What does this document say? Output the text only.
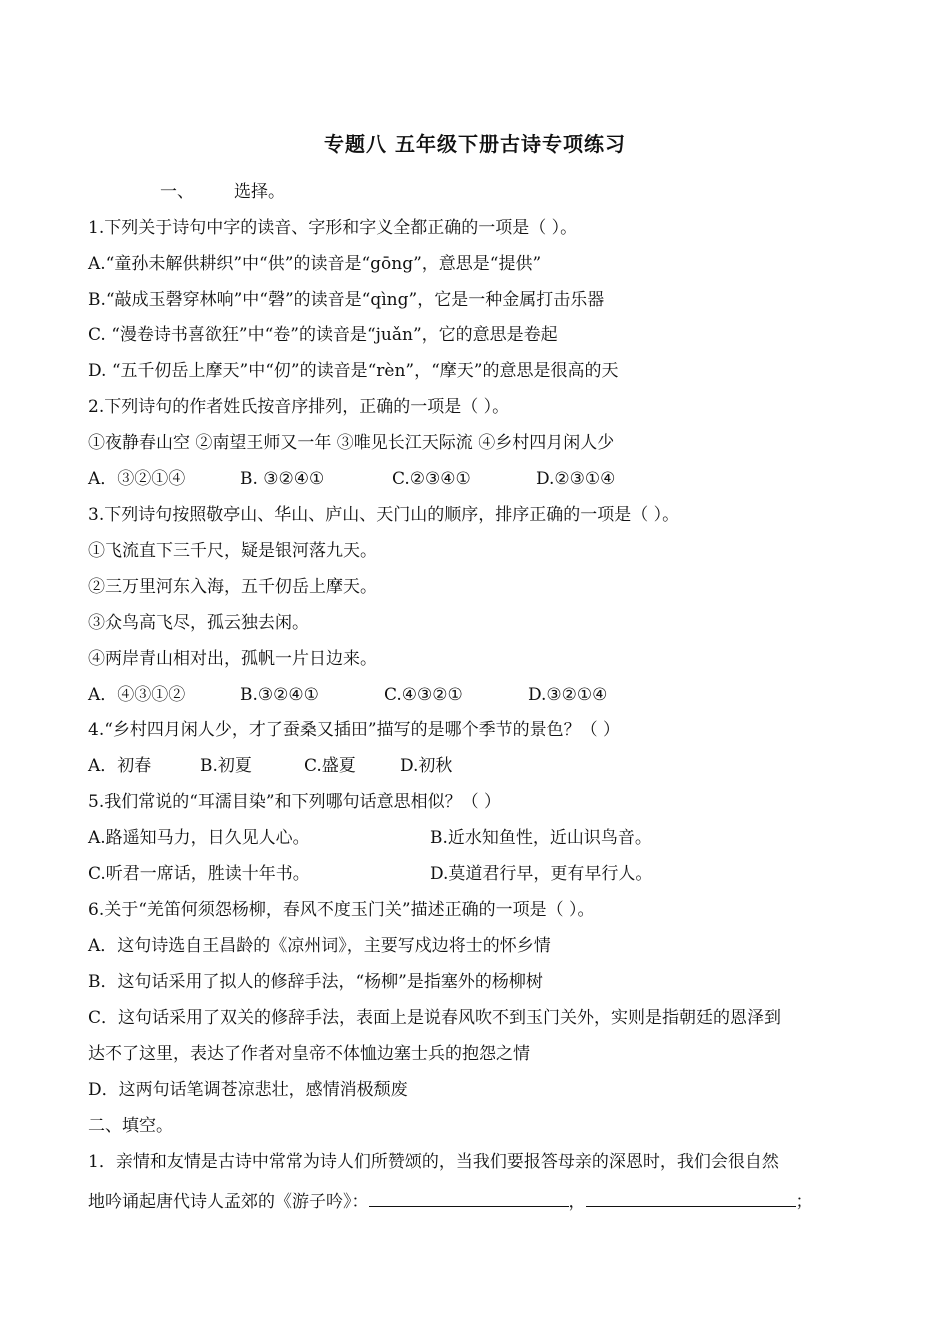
专题八 五年级下册古诗专项练习
一、 选择。
1.下列关于诗句中字的读音、字形和字义全都正确的一项是（ ）。
A.“童孙未解供耕织”中“供”的读音是“gōng”，意思是“提供”
B.“敲成玉磬穿林响”中“磬”的读音是“qìng”，它是一种金属打击乐器
C. “漫卷诗书喜欲狂”中“卷”的读音是“juǎn”，它的意思是卷起
D. “五千仞岳上摩天”中“仞”的读音是“rèn”，“摩天”的意思是很高的天
2.下列诗句的作者姓氏按音序排列，正确的一项是（ ）。
①夜静春山空 ②南望王师又一年 ③唯见长江天际流 ④乡村四月闲人少
A．③②①④	B. ③②④①	C.②③④①	D.②③①④
3.下列诗句按照敬亭山、华山、庐山、天门山的顺序，排序正确的一项是（ ）。
①飞流直下三千尺，疑是银河落九天。
②三万里河东入海，五千仞岳上摩天。
③众鸟高飞尽，孤云独去闲。
④两岸青山相对出，孤帆一片日边来。
A．④③①②	B.③②④①	C.④③②①	D.③②①④
4.“乡村四月闲人少，才了蚕桑又插田”描写的是哪个季节的景色？（ ）
A．初春	B.初夏	C.盛夏	D.初秋
5.我们常说的“耳濡目染”和下列哪句话意思相似？（ ）
A.路遥知马力，日久见人心。	B.近水知鱼性，近山识鸟音。
C.听君一席话，胜读十年书。	D.莫道君行早，更有早行人。
6.关于“羌笛何须怨杨柳，春风不度玉门关”描述正确的一项是（ ）。
A．这句诗选自王昌龄的《凉州词》，主要写戍边将士的怀乡情
B．这句话采用了拟人的修辞手法，“杨柳”是指塞外的杨柳树
C．这句话采用了双关的修辞手法，表面上是说春风吹不到玉门关外，实则是指朝廷的恩泽到
达不了这里，表达了作者对皇帝不体恤边塞士兵的抱怨之情
D．这两句话笔调苍凉悲壮，感情消极颓废
二、填空。
1．亲情和友情是古诗中常常为诗人们所赞颂的，当我们要报答母亲的深恩时，我们会很自然
地吟诵起唐代诗人孟郊的《游子吟》：	，	；
